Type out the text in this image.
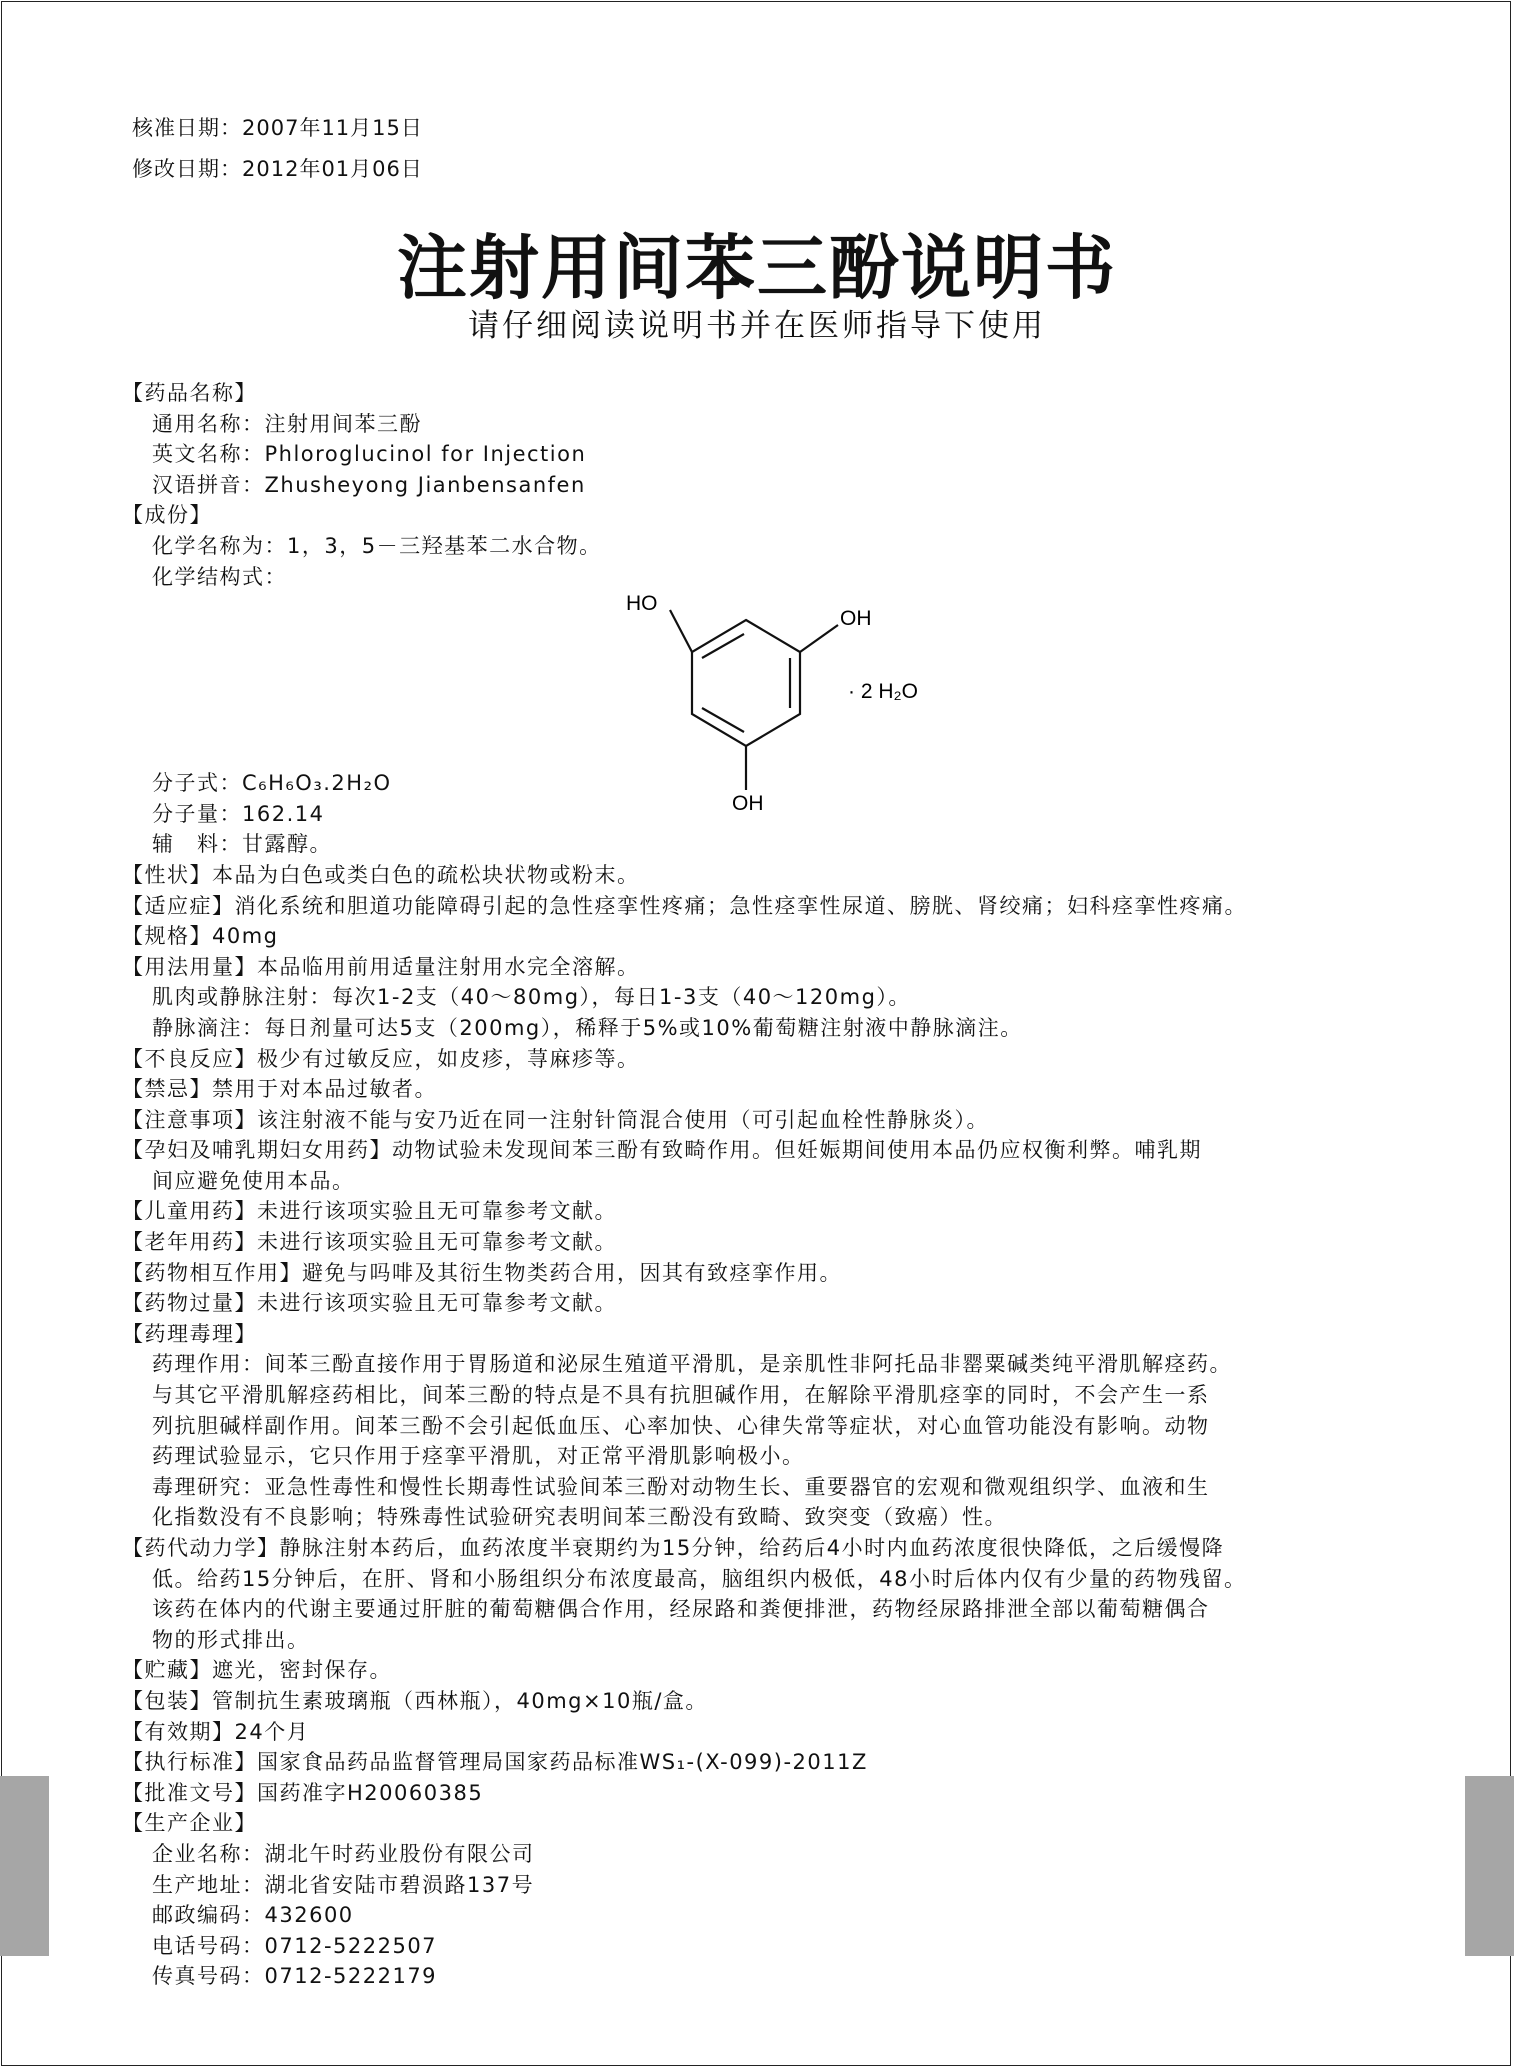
核准日期：2007年11月15日
修改日期：2012年01月06日
注射用间苯三酚说明书
请仔细阅读说明书并在医师指导下使用
【药品名称】
通用名称：注射用间苯三酚
英文名称：Phloroglucinol for Injection
汉语拼音：Zhusheyong Jianbensanfen
【成份】
化学名称为：1，3，5－三羟基苯二水合物。
化学结构式：
分子式：C₆H₆O₃.2H₂O
分子量：162.14
辅　料：甘露醇。
【性状】本品为白色或类白色的疏松块状物或粉末。
【适应症】消化系统和胆道功能障碍引起的急性痉挛性疼痛；急性痉挛性尿道、膀胱、肾绞痛；妇科痉挛性疼痛。
【规格】40mg
【用法用量】本品临用前用适量注射用水完全溶解。
肌肉或静脉注射：每次1-2支（40～80mg），每日1-3支（40～120mg）。
静脉滴注：每日剂量可达5支（200mg），稀释于5%或10%葡萄糖注射液中静脉滴注。
【不良反应】极少有过敏反应，如皮疹，荨麻疹等。
【禁忌】禁用于对本品过敏者。
【注意事项】该注射液不能与安乃近在同一注射针筒混合使用（可引起血栓性静脉炎）。
【孕妇及哺乳期妇女用药】动物试验未发现间苯三酚有致畸作用。但妊娠期间使用本品仍应权衡利弊。哺乳期
间应避免使用本品。
【儿童用药】未进行该项实验且无可靠参考文献。
【老年用药】未进行该项实验且无可靠参考文献。
【药物相互作用】避免与吗啡及其衍生物类药合用，因其有致痉挛作用。
【药物过量】未进行该项实验且无可靠参考文献。
【药理毒理】
药理作用：间苯三酚直接作用于胃肠道和泌尿生殖道平滑肌，是亲肌性非阿托品非罂粟碱类纯平滑肌解痉药。
与其它平滑肌解痉药相比，间苯三酚的特点是不具有抗胆碱作用，在解除平滑肌痉挛的同时，不会产生一系
列抗胆碱样副作用。间苯三酚不会引起低血压、心率加快、心律失常等症状，对心血管功能没有影响。动物
药理试验显示，它只作用于痉挛平滑肌，对正常平滑肌影响极小。
毒理研究：亚急性毒性和慢性长期毒性试验间苯三酚对动物生长、重要器官的宏观和微观组织学、血液和生
化指数没有不良影响；特殊毒性试验研究表明间苯三酚没有致畸、致突变（致癌）性。
【药代动力学】静脉注射本药后，血药浓度半衰期约为15分钟，给药后4小时内血药浓度很快降低，之后缓慢降
低。给药15分钟后，在肝、肾和小肠组织分布浓度最高，脑组织内极低，48小时后体内仅有少量的药物残留。
该药在体内的代谢主要通过肝脏的葡萄糖偶合作用，经尿路和粪便排泄，药物经尿路排泄全部以葡萄糖偶合
物的形式排出。
【贮藏】遮光，密封保存。
【包装】管制抗生素玻璃瓶（西林瓶），40mg×10瓶/盒。
【有效期】24个月
【执行标准】国家食品药品监督管理局国家药品标准WS₁-(X-099)-2011Z
【批准文号】国药准字H20060385
【生产企业】
企业名称：湖北午时药业股份有限公司
生产地址：湖北省安陆市碧涢路137号
邮政编码：432600
电话号码：0712-5222507
传真号码：0712-5222179
HO
OH
OH
· 2 H₂O
